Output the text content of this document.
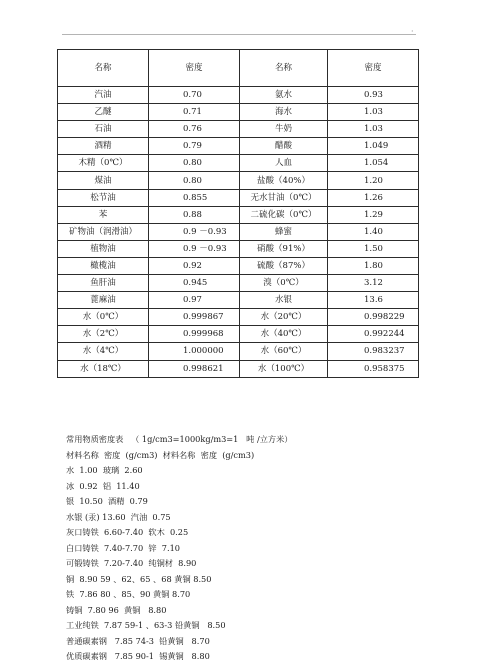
·
名称	密度	名称	密度
汽油	0.70	氨水	0.93
乙醚	0.71	海水	1.03
石油	0.76	牛奶	1.03
酒精	0.79	醋酸	1.049
木精（0℃）	0.80	人血	1.054
煤油	0.80	盐酸（40%）	1.20
松节油	0.855	无水甘油（0℃）	1.26
苯	0.88	二硫化碳（0℃）	1.29
矿物油（润滑油）	0.9 －0.93	蜂蜜	1.40
植物油	0.9 －0.93	硝酸（91%）	1.50
橄榄油	0.92	硫酸（87%）	1.80
鱼肝油	0.945	溴（0℃）	3.12
蓖麻油	0.97	水银	13.6
水（0℃）	0.999867	水（20℃）	0.998229
水（2℃）	0.999968	水（40℃）	0.992244
水（4℃）	1.000000	水（60℃）	0.983237
水（18℃）	0.998621	水（100℃）	0.958375
常用物质密度表   （ 1g/cm3=1000kg/m3=1   吨 /立方米）
材料名称  密度  (g/cm3)  材料名称  密度  (g/cm3)
水  1.00  玻璃  2.60
冰  0.92  铝  11.40
银  10.50  酒精  0.79
水银 (汞) 13.60  汽油  0.75
灰口铸铁  6.60-7.40  软木  0.25
白口铸铁  7.40-7.70  锌  7.10
可锻铸铁  7.20-7.40  纯铜材  8.90
铜  8.90 59 、62、65 、68 黄铜 8.50
铁  7.86 80 、85、90 黄铜 8.70
铸铜  7.80 96  黄铜   8.80
工业纯铁  7.87 59-1 、63-3 铅黄铜   8.50
普通碳素钢   7.85 74-3  铅黄铜   8.70
优质碳素钢   7.85 90-1  锡黄铜   8.80
